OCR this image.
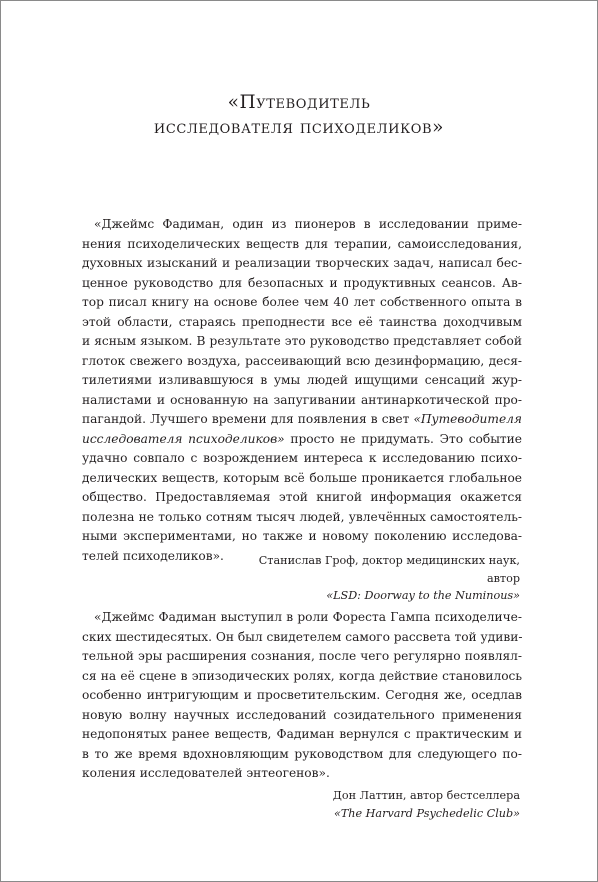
«Путеводитель
исследователя психоделиков»
«Джеймс Фадиман, один из пионеров в исследовании приме-
нения психоделических веществ для терапии, самоисследования,
духовных изысканий и реализации творческих задач, написал бес-
ценное руководство для безопасных и продуктивных сеансов. Ав-
тор писал книгу на основе более чем 40 лет собственного опыта в
этой области, стараясь преподнести все её таинства доходчивым
и ясным языком. В результате это руководство представляет собой
глоток свежего воздуха, рассеивающий всю дезинформацию, деся-
тилетиями изливавшуюся в умы людей ищущими сенсаций жур-
налистами и основанную на запугивании антинаркотической про-
пагандой. Лучшего времени для появления в свет «Путеводителя
исследователя психоделиков» просто не придумать. Это событие
удачно совпало с возрождением интереса к исследованию психо-
делических веществ, которым всё больше проникается глобальное
общество. Предоставляемая этой книгой информация окажется
полезна не только сотням тысяч людей, увлечённых самостоятель-
ными экспериментами, но также и новому поколению исследова-
телей психоделиков».	Станислав Гроф, доктор медицинских наук,
автор
«LSD: Doorway to the Numinous»
«Джеймс Фадиман выступил в роли Фореста Гампа психоделиче-
ских шестидесятых. Он был свидетелем самого рассвета той удиви-
тельной эры расширения сознания, после чего регулярно появлял-
ся на её сцене в эпизодических ролях, когда действие становилось
особенно интригующим и просветительским. Сегодня же, оседлав
новую волну научных исследований созидательного применения
недопонятых ранее веществ, Фадиман вернулся с практическим и
в то же время вдохновляющим руководством для следующего по-
коления исследователей энтеогенов».
Дон Латтин, автор бестселлера
«The Harvard Psychedelic Club»
